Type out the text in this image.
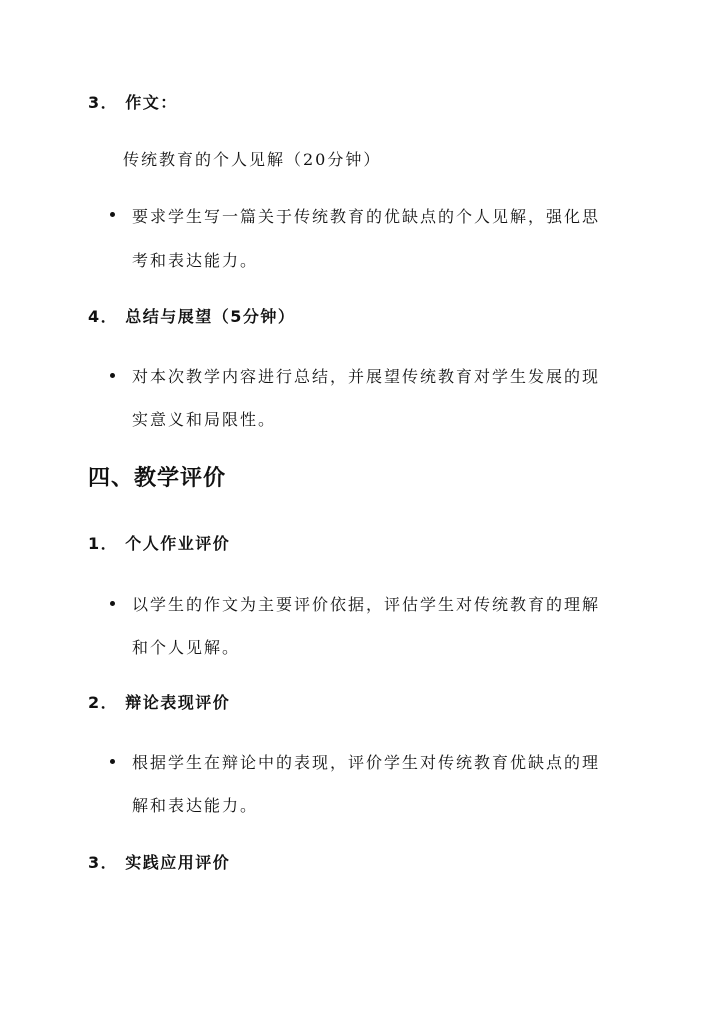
3． 作文：
传统教育的个人见解（20分钟）
要求学生写一篇关于传统教育的优缺点的个人见解，强化思
考和表达能力。
4． 总结与展望（5分钟）
对本次教学内容进行总结，并展望传统教育对学生发展的现
实意义和局限性。
四、教学评价
1． 个人作业评价
以学生的作文为主要评价依据，评估学生对传统教育的理解
和个人见解。
2． 辩论表现评价
根据学生在辩论中的表现，评价学生对传统教育优缺点的理
解和表达能力。
3． 实践应用评价
